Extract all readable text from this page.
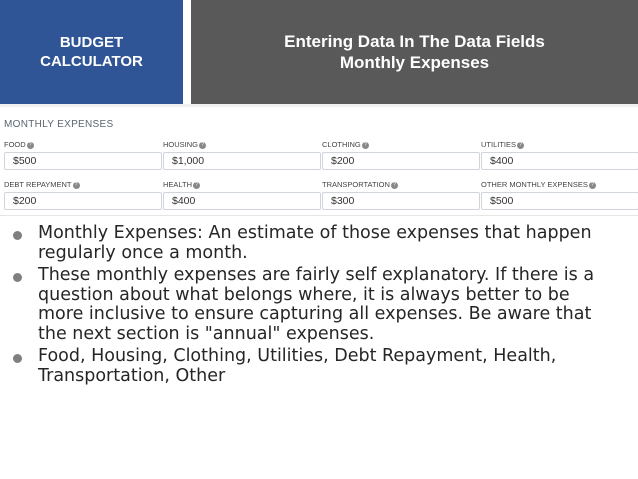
BUDGET
CALCULATOR
Entering Data In The Data Fields
Monthly Expenses
MONTHLY EXPENSES
FOOD ?
$500
HOUSING ?
$1,000
CLOTHING ?
$200
UTILITIES ?
$400
DEBT REPAYMENT ?
$200
HEALTH ?
$400
TRANSPORTATION ?
$300
OTHER MONTHLY EXPENSES ?
$500
Monthly Expenses: An estimate of those expenses that happen regularly once a month.
These monthly expenses are fairly self explanatory. If there is a question about what belongs where, it is always better to be more inclusive to ensure capturing all expenses. Be aware that the next section is "annual" expenses.
Food, Housing, Clothing, Utilities, Debt Repayment, Health, Transportation, Other
